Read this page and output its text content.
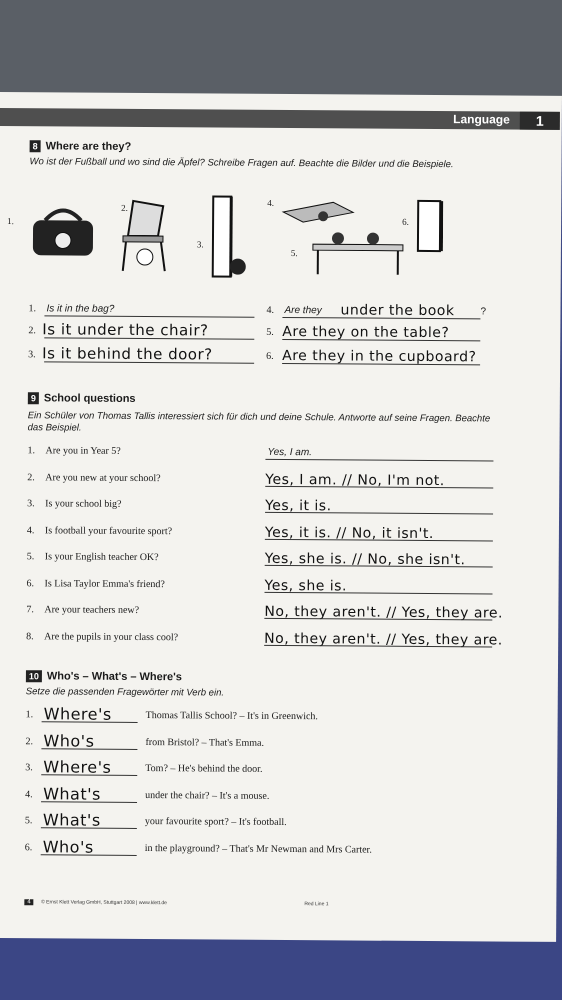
Language	1
8 Where are they?
Wo ist der Fußball und wo sind die Äpfel? Schreibe Fragen auf. Beachte die Bilder und die Beispiele.
1.
2.
3.
4.
5.
6.
1. Is it in the bag?
2. Is it under the chair?
3. Is it behind the door?
4. Are they under the book	?
5. Are they on the table?
6. Are they in the cupboard?
9 School questions
Ein Schüler von Thomas Tallis interessiert sich für dich und deine Schule. Antworte auf seine Fragen. Beachte das Beispiel.
1. Are you in Year 5?	Yes, I am.
2. Are you new at your school?	Yes, I am. // No, I'm not.
3. Is your school big?	Yes, it is.
4. Is football your favourite sport?	Yes, it is. // No, it isn't.
5. Is your English teacher OK?	Yes, she is. // No, she isn't.
6. Is Lisa Taylor Emma's friend?	Yes, she is.
7. Are your teachers new?	No, they aren't. // Yes, they are.
8. Are the pupils in your class cool?	No, they aren't. // Yes, they are.
10 Who's – What's – Where's
Setze die passenden Fragewörter mit Verb ein.
1. Where's	Thomas Tallis School? – It's in Greenwich.
2. Who's	from Bristol? – That's Emma.
3. Where's	Tom? – He's behind the door.
4. What's	under the chair? – It's a mouse.
5. What's	your favourite sport? – It's football.
6. Who's	in the playground? – That's Mr Newman and Mrs Carter.
4 © Ernst Klett Verlag GmbH, Stuttgart 2008 | www.klett.de	Red Line 1
